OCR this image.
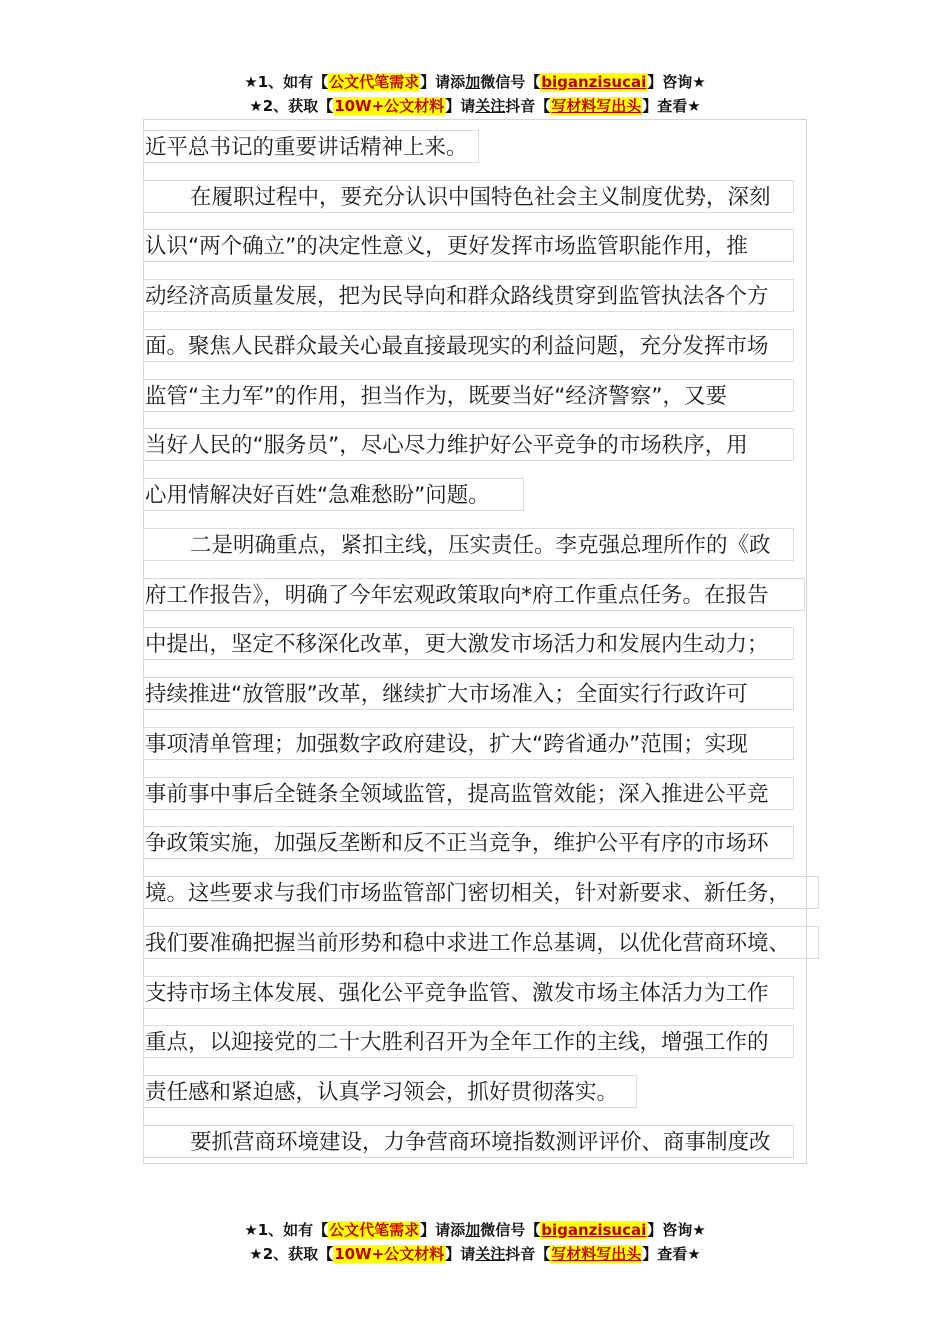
★1、如有【公文代笔需求】请添加微信号【biganzisucai】咨询★
★2、获取【10W+公文材料】请关注抖音【写材料写出头】查看★
近平总书记的重要讲话精神上来。
在履职过程中，要充分认识中国特色社会主义制度优势，深刻
认识“两个确立”的决定性意义，更好发挥市场监管职能作用，推
动经济高质量发展，把为民导向和群众路线贯穿到监管执法各个方
面。聚焦人民群众最关心最直接最现实的利益问题，充分发挥市场
监管“主力军”的作用，担当作为，既要当好“经济警察”，又要
当好人民的“服务员”，尽心尽力维护好公平竞争的市场秩序，用
心用情解决好百姓“急难愁盼”问题。
二是明确重点，紧扣主线，压实责任。李克强总理所作的《政
府工作报告》，明确了今年宏观政策取向*府工作重点任务。在报告
中提出，坚定不移深化改革，更大激发市场活力和发展内生动力；
持续推进“放管服”改革，继续扩大市场准入；全面实行行政许可
事项清单管理；加强数字政府建设，扩大“跨省通办”范围；实现
事前事中事后全链条全领域监管，提高监管效能；深入推进公平竞
争政策实施，加强反垄断和反不正当竞争，维护公平有序的市场环
境。这些要求与我们市场监管部门密切相关，针对新要求、新任务，
我们要准确把握当前形势和稳中求进工作总基调，以优化营商环境、
支持市场主体发展、强化公平竞争监管、激发市场主体活力为工作
重点，以迎接党的二十大胜利召开为全年工作的主线，增强工作的
责任感和紧迫感，认真学习领会，抓好贯彻落实。
要抓营商环境建设，力争营商环境指数测评评价、商事制度改
★1、如有【公文代笔需求】请添加微信号【biganzisucai】咨询★
★2、获取【10W+公文材料】请关注抖音【写材料写出头】查看★
